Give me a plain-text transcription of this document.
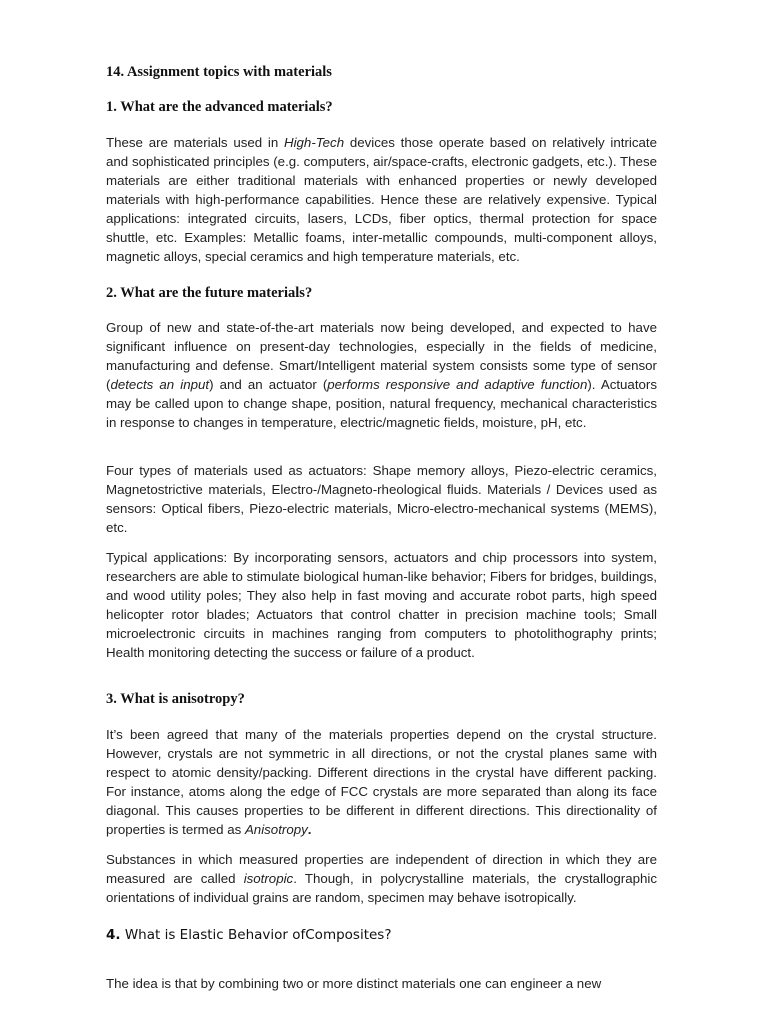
14. Assignment topics with materials
1. What are the advanced materials?

These are materials used in High-Tech devices those operate based on relatively intricate and sophisticated principles (e.g. computers, air/space-crafts, electronic gadgets, etc.). These materials are either traditional materials with enhanced properties or newly developed materials with high-performance capabilities. Hence these are relatively expensive. Typical applications: integrated circuits, lasers, LCDs, fiber optics, thermal protection for space shuttle, etc. Examples: Metallic foams, inter-metallic compounds, multi-component alloys, magnetic alloys, special ceramics and high temperature materials, etc.

2. What are the future materials?

Group of new and state-of-the-art materials now being developed, and expected to have significant influence on present-day technologies, especially in the fields of medicine, manufacturing and defense. Smart/Intelligent material system consists some type of sensor (detects an input) and an actuator (performs responsive and adaptive function). Actuators may be called upon to change shape, position, natural frequency, mechanical characteristics in response to changes in temperature, electric/magnetic fields, moisture, pH, etc.

Four types of materials used as actuators: Shape memory alloys, Piezo-electric ceramics, Magnetostrictive materials, Electro-/Magneto-rheological fluids. Materials / Devices used as sensors: Optical fibers, Piezo-electric materials, Micro-electro-mechanical systems (MEMS), etc.

Typical applications: By incorporating sensors, actuators and chip processors into system, researchers are able to stimulate biological human-like behavior; Fibers for bridges, buildings, and wood utility poles; They also help in fast moving and accurate robot parts, high speed helicopter rotor blades; Actuators that control chatter in precision machine tools; Small microelectronic circuits in machines ranging from computers to photolithography prints; Health monitoring detecting the success or failure of a product.

3. What is anisotropy?

It’s been agreed that many of the materials properties depend on the crystal structure. However, crystals are not symmetric in all directions, or not the crystal planes same with respect to atomic density/packing. Different directions in the crystal have different packing. For instance, atoms along the edge of FCC crystals are more separated than along its face diagonal. This causes properties to be different in different directions. This directionality of properties is termed as Anisotropy.

Substances in which measured properties are independent of direction in which they are measured are called isotropic. Though, in polycrystalline materials, the crystallographic orientations of individual grains are random, specimen may behave isotropically.

4. What is Elastic Behavior ofComposites?

The idea is that by combining two or more distinct materials one can engineer a new
